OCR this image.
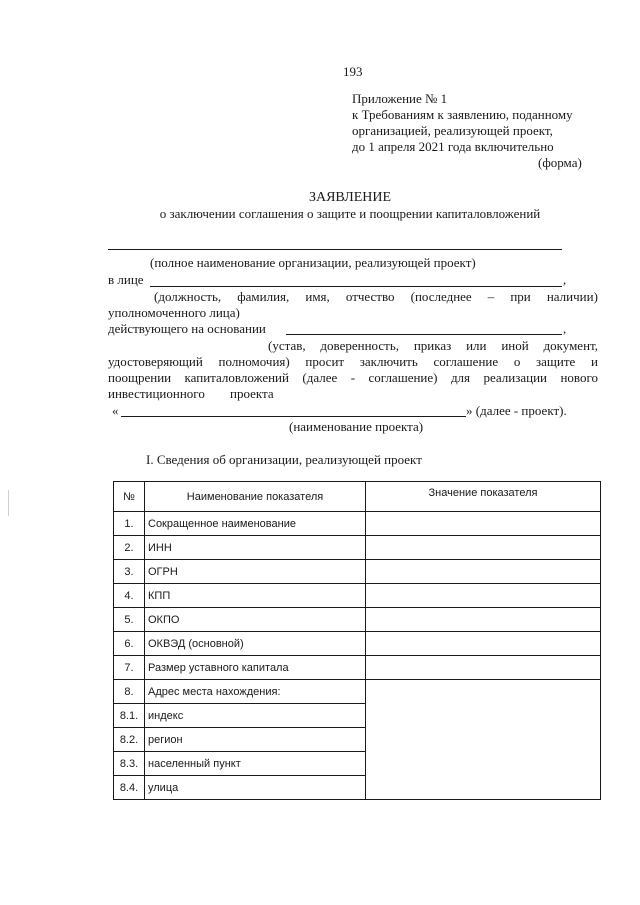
193
Приложение № 1
к Требованиям к заявлению, поданному
организацией, реализующей проект,
до 1 апреля 2021 года включительно
(форма)
ЗАЯВЛЕНИЕ
о заключении соглашения о защите и поощрении капиталовложений
(полное наименование организации, реализующей проект)
в лице	,
(должность, фамилия, имя, отчество (последнее – при наличии)
уполномоченного лица)
действующего на основании	,
(устав, доверенность, приказ или иной документ,
удостоверяющий полномочия) просит заключить соглашение о защите и
поощрении капиталовложений (далее - соглашение) для реализации нового
инвестиционного проекта
«	» (далее - проект).
(наименование проекта)
I. Сведения об организации, реализующей проект
№	Наименование показателя	Значение показателя
1.	Сокращенное наименование	
2.	ИНН	
3.	ОГРН	
4.	КПП	
5.	ОКПО	
6.	ОКВЭД (основной)	
7.	Размер уставного капитала	
8.	Адрес места нахождения:	
8.1.	индекс	
8.2.	регион	
8.3.	населенный пункт	
8.4.	улица	
